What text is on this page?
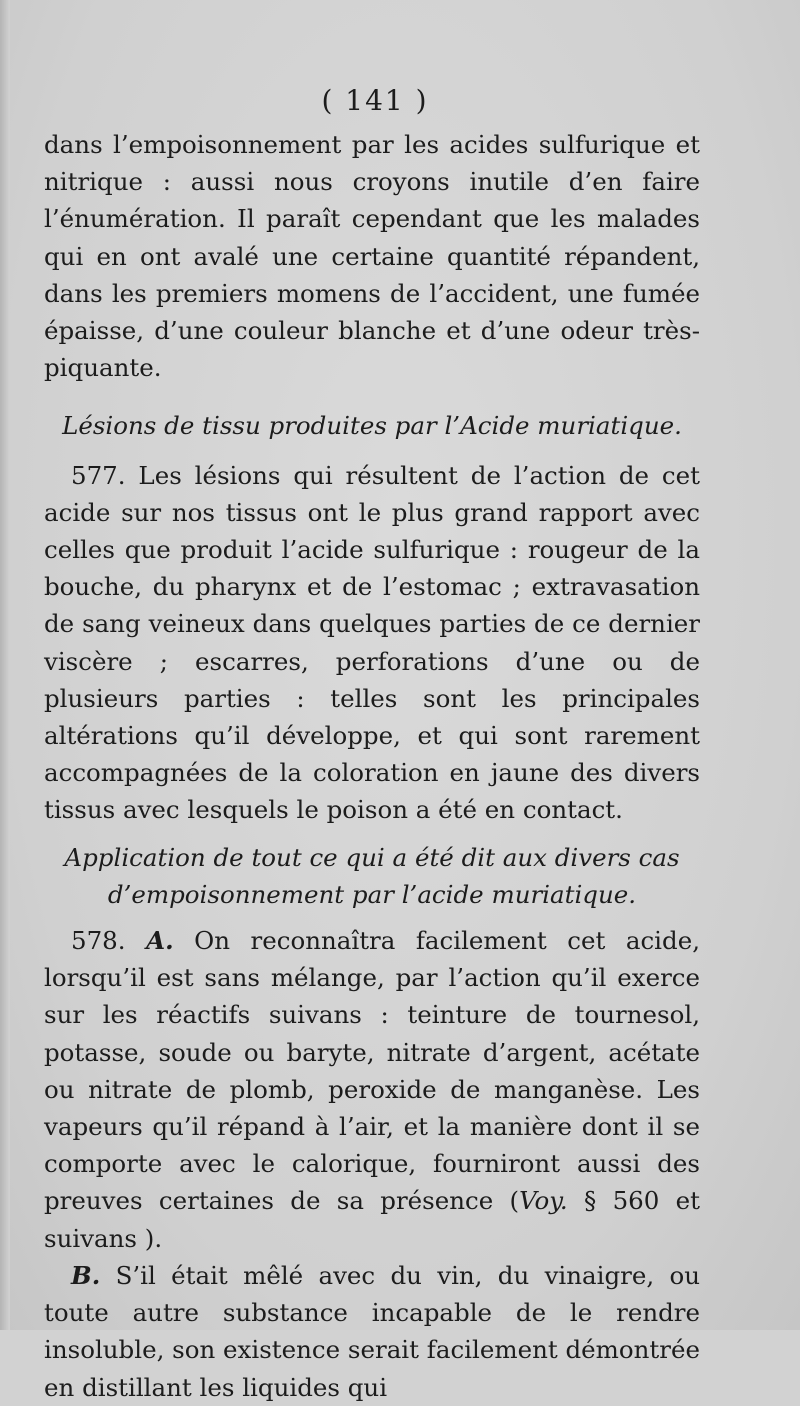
( 141 )

dans l’empoisonnement par les acides sulfurique et nitrique : aussi nous croyons inutile d’en faire l’énumération. Il paraît cependant que les malades qui en ont avalé une certaine quantité répandent, dans les premiers momens de l’accident, une fumée épaisse, d’une couleur blanche et d’une odeur très-piquante.

Lésions de tissu produites par l’Acide muriatique.

577. Les lésions qui résultent de l’action de cet acide sur nos tissus ont le plus grand rapport avec celles que produit l’acide sulfurique : rougeur de la bouche, du pharynx et de l’estomac ; extravasation de sang veineux dans quelques parties de ce dernier viscère ; escarres, perforations d’une ou de plusieurs parties : telles sont les principales altérations qu’il développe, et qui sont rarement accompagnées de la coloration en jaune des divers tissus avec lesquels le poison a été en contact.

Application de tout ce qui a été dit aux divers cas
d’empoisonnement par l’acide muriatique.

578. A. On reconnaîtra facilement cet acide, lorsqu’il est sans mélange, par l’action qu’il exerce sur les réactifs suivans : teinture de tournesol, potasse, soude ou baryte, nitrate d’argent, acétate ou nitrate de plomb, peroxide de manganèse. Les vapeurs qu’il répand à l’air, et la manière dont il se comporte avec le calorique, fourniront aussi des preuves certaines de sa présence (Voy. § 560 et suivans ).

B. S’il était mêlé avec du vin, du vinaigre, ou toute autre substance incapable de le rendre insoluble, son existence serait facilement démontrée en distillant les liquides qui
